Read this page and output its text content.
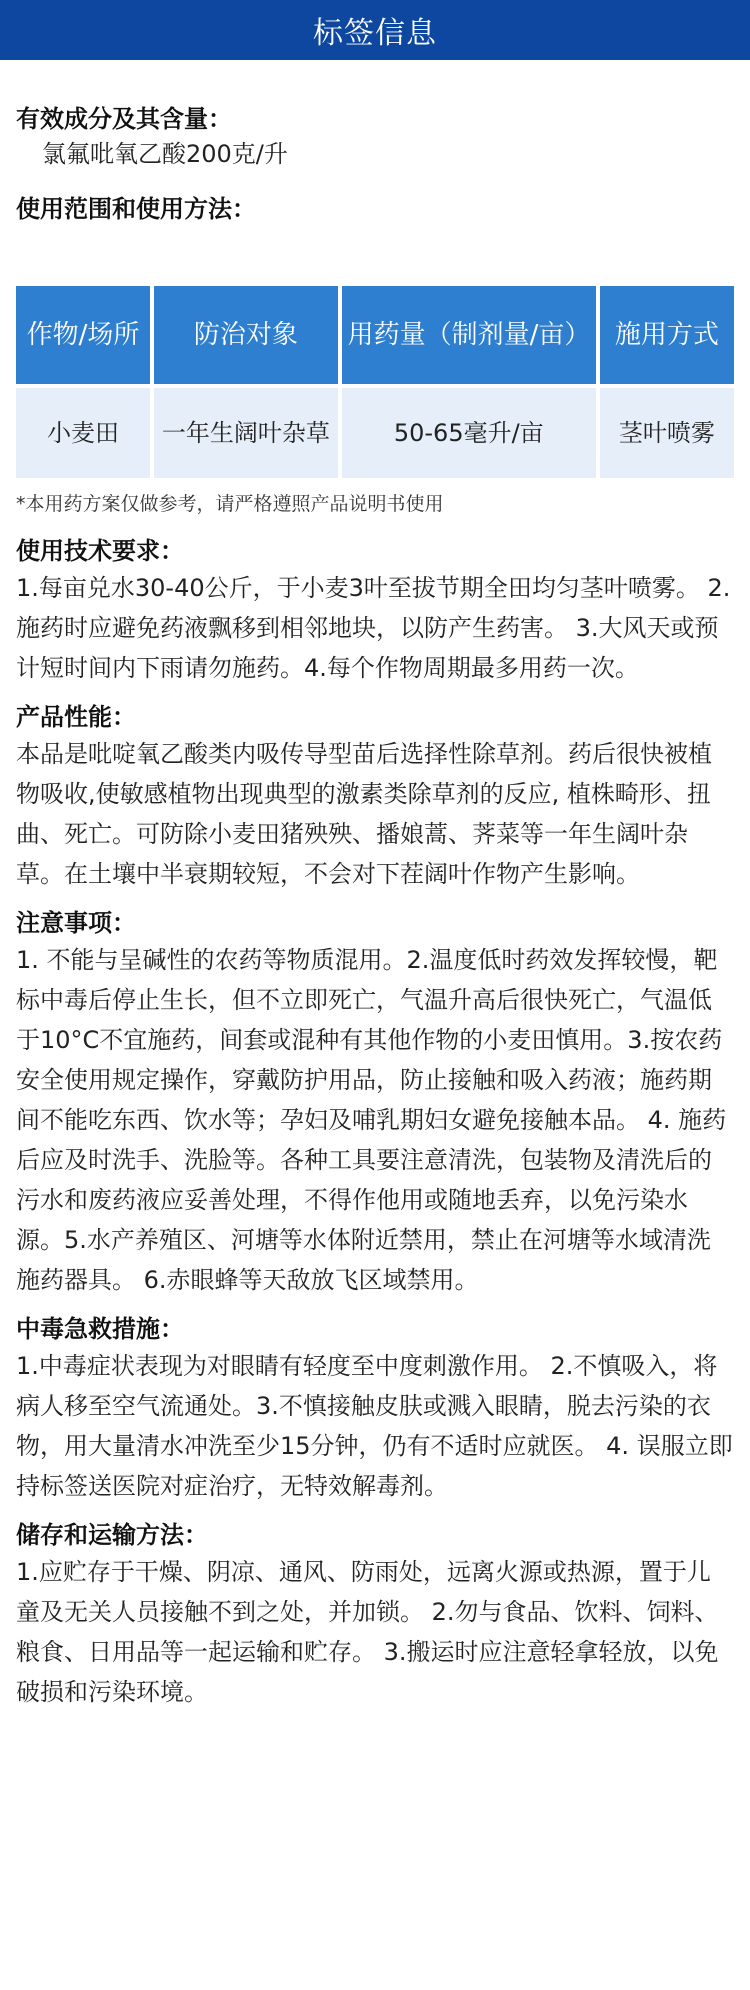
标签信息

有效成分及其含量：

氯氟吡氧乙酸200克/升

使用范围和使用方法：

作物/场所	防治对象	用药量（制剂量/亩）	施用方式
小麦田	一年生阔叶杂草	50-65毫升/亩	茎叶喷雾

*本用药方案仅做参考，请严格遵照产品说明书使用

使用技术要求：

1.每亩兑水30-40公斤，于小麦3叶至拔节期全田均匀茎叶喷雾。 2. 施药时应避免药液飘移到相邻地块，以防产生药害。 3.大风天或预计短时间内下雨请勿施药。4.每个作物周期最多用药一次。

产品性能：

本品是吡啶氧乙酸类内吸传导型苗后选择性除草剂。药后很快被植物吸收,使敏感植物出现典型的激素类除草剂的反应, 植株畸形、扭曲、死亡。可防除小麦田猪殃殃、播娘蒿、荠菜等一年生阔叶杂草。在土壤中半衰期较短，不会对下茬阔叶作物产生影响。

注意事项：

1. 不能与呈碱性的农药等物质混用。2.温度低时药效发挥较慢，靶标中毒后停止生长，但不立即死亡，气温升高后很快死亡，气温低于10°C不宜施药，间套或混种有其他作物的小麦田慎用。3.按农药安全使用规定操作，穿戴防护用品，防止接触和吸入药液；施药期间不能吃东西、饮水等；孕妇及哺乳期妇女避免接触本品。 4. 施药后应及时洗手、洗脸等。各种工具要注意清洗，包装物及清洗后的污水和废药液应妥善处理，不得作他用或随地丢弃，以免污染水源。5.水产养殖区、河塘等水体附近禁用，禁止在河塘等水域清洗施药器具。 6.赤眼蜂等天敌放飞区域禁用。

中毒急救措施：

1.中毒症状表现为对眼睛有轻度至中度刺激作用。 2.不慎吸入，将病人移至空气流通处。3.不慎接触皮肤或溅入眼睛，脱去污染的衣物，用大量清水冲洗至少15分钟，仍有不适时应就医。 4. 误服立即持标签送医院对症治疗，无特效解毒剂。

储存和运输方法：

1.应贮存于干燥、阴凉、通风、防雨处，远离火源或热源，置于儿童及无关人员接触不到之处，并加锁。 2.勿与食品、饮料、饲料、粮食、日用品等一起运输和贮存。 3.搬运时应注意轻拿轻放，以免破损和污染环境。
